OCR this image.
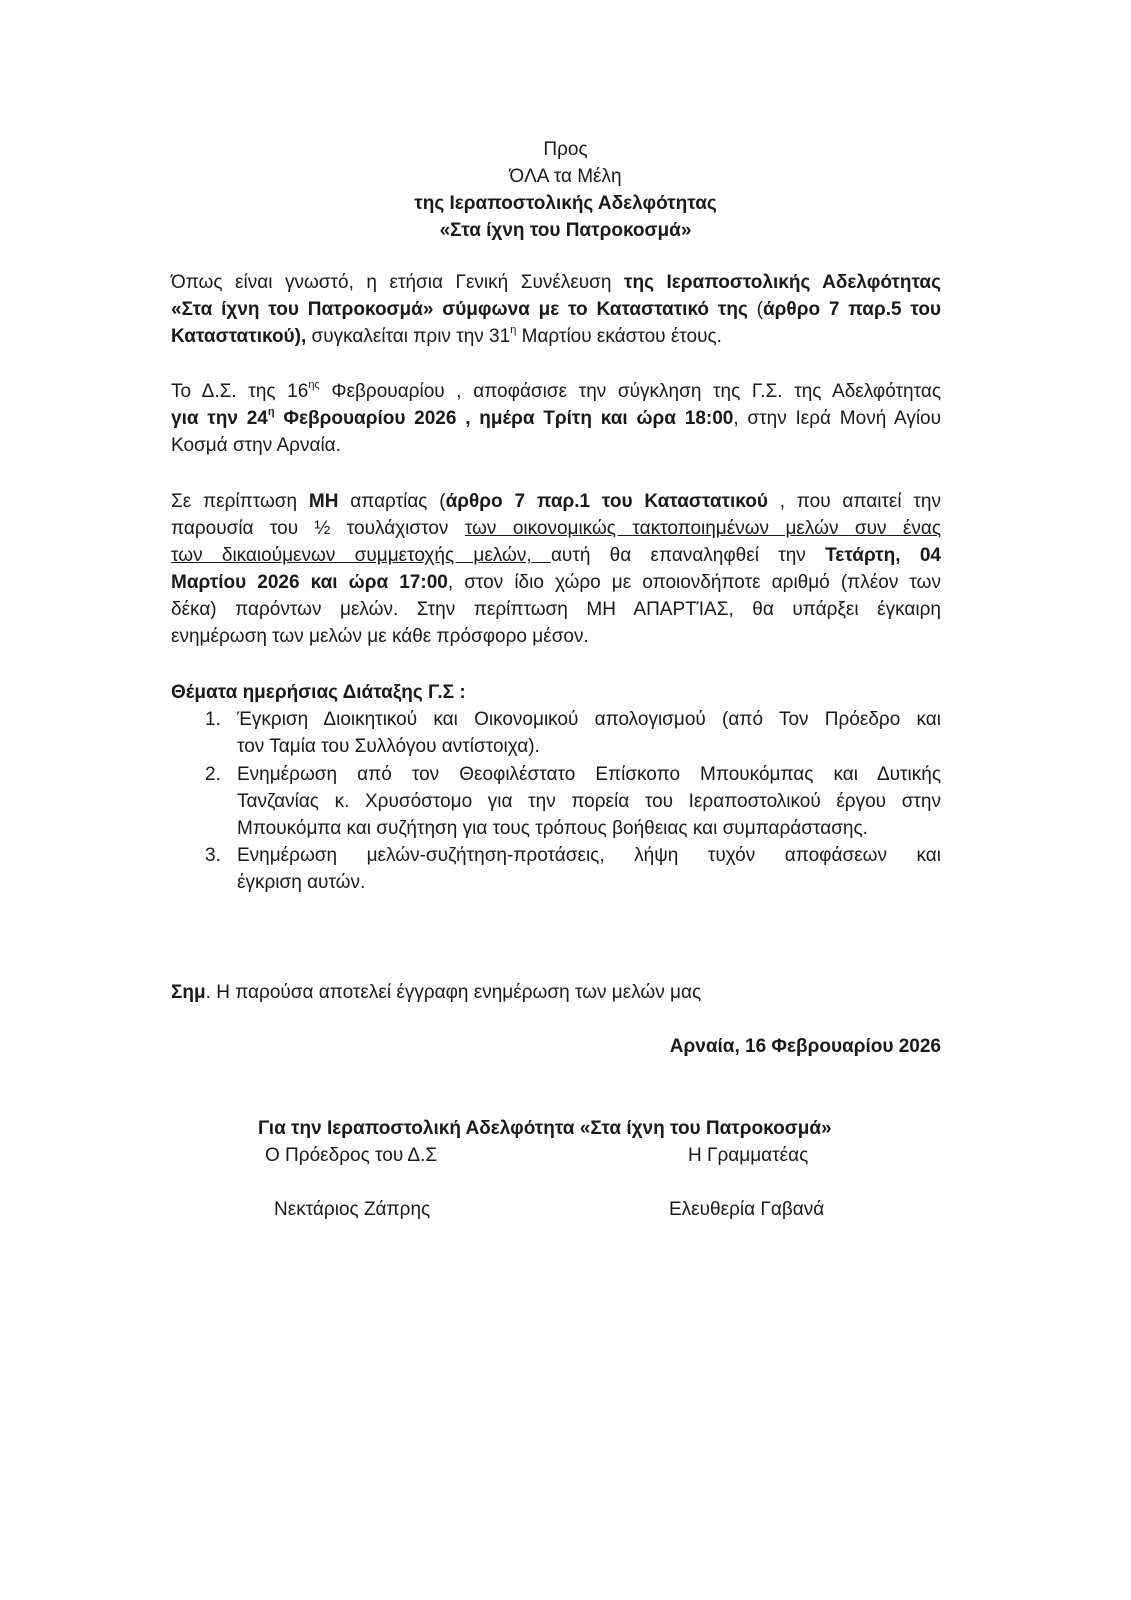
Προς
ΌΛΑ τα Μέλη
της Ιεραποστολικής Αδελφότητας
«Στα ίχνη του Πατροκοσμά»
Όπως είναι γνωστό, η ετήσια Γενική Συνέλευση της Ιεραποστολικής Αδελφότητας
«Στα ίχνη του Πατροκοσμά» σύμφωνα με το Καταστατικό της (άρθρο 7 παρ.5 του
Καταστατικού), συγκαλείται πριν την $31^\eta$ Μαρτίου εκάστου έτους.
Το Δ.Σ. της $16^{\eta\varsigma}$ Φεβρουαρίου , αποφάσισε την σύγκληση της Γ.Σ. της Αδελφότητας
για την $24^\eta$ Φεβρουαρίου 2026 , ημέρα Τρίτη και ώρα 18:00, στην Ιερά Μονή Αγίου
Κοσμά στην Αρναία.
Σε περίπτωση ΜΗ απαρτίας (άρθρο 7 παρ.1 του Καταστατικού , που απαιτεί την
παρουσία του ½ τουλάχιστον των οικονομικώς τακτοποιημένων μελών συν ένας
των δικαιούμενων συμμετοχής μελών, αυτή θα επαναληφθεί την Τετάρτη, 04
Μαρτίου 2026 και ώρα 17:00, στον ίδιο χώρο με οποιονδήποτε αριθμό (πλέον των
δέκα) παρόντων μελών. Στην περίπτωση ΜΗ ΑΠΑΡΤΊΑΣ, θα υπάρξει έγκαιρη
ενημέρωση των μελών με κάθε πρόσφορο μέσον.
Θέματα ημερήσιας Διάταξης Γ.Σ :
1. Έγκριση Διοικητικού και Οικονομικού απολογισμού (από Τον Πρόεδρο και
τον Ταμία του Συλλόγου αντίστοιχα).
2. Ενημέρωση από τον Θεοφιλέστατο Επίσκοπο Μπουκόμπας και Δυτικής
Τανζανίας κ. Χρυσόστομο για την πορεία του Ιεραποστολικού έργου στην
Μπουκόμπα και συζήτηση για τους τρόπους βοήθειας και συμπαράστασης.
3. Ενημέρωση μελών-συζήτηση-προτάσεις, λήψη τυχόν αποφάσεων και
έγκριση αυτών.
Σημ. Η παρούσα αποτελεί έγγραφη ενημέρωση των μελών μας
Αρναία, 16 Φεβρουαρίου 2026
Για την Ιεραποστολική Αδελφότητα «Στα ίχνη του Πατροκοσμά»
Ο Πρόεδρος του Δ.Σ	Η Γραμματέας
Νεκτάριος Ζάπρης	Ελευθερία Γαβανά
